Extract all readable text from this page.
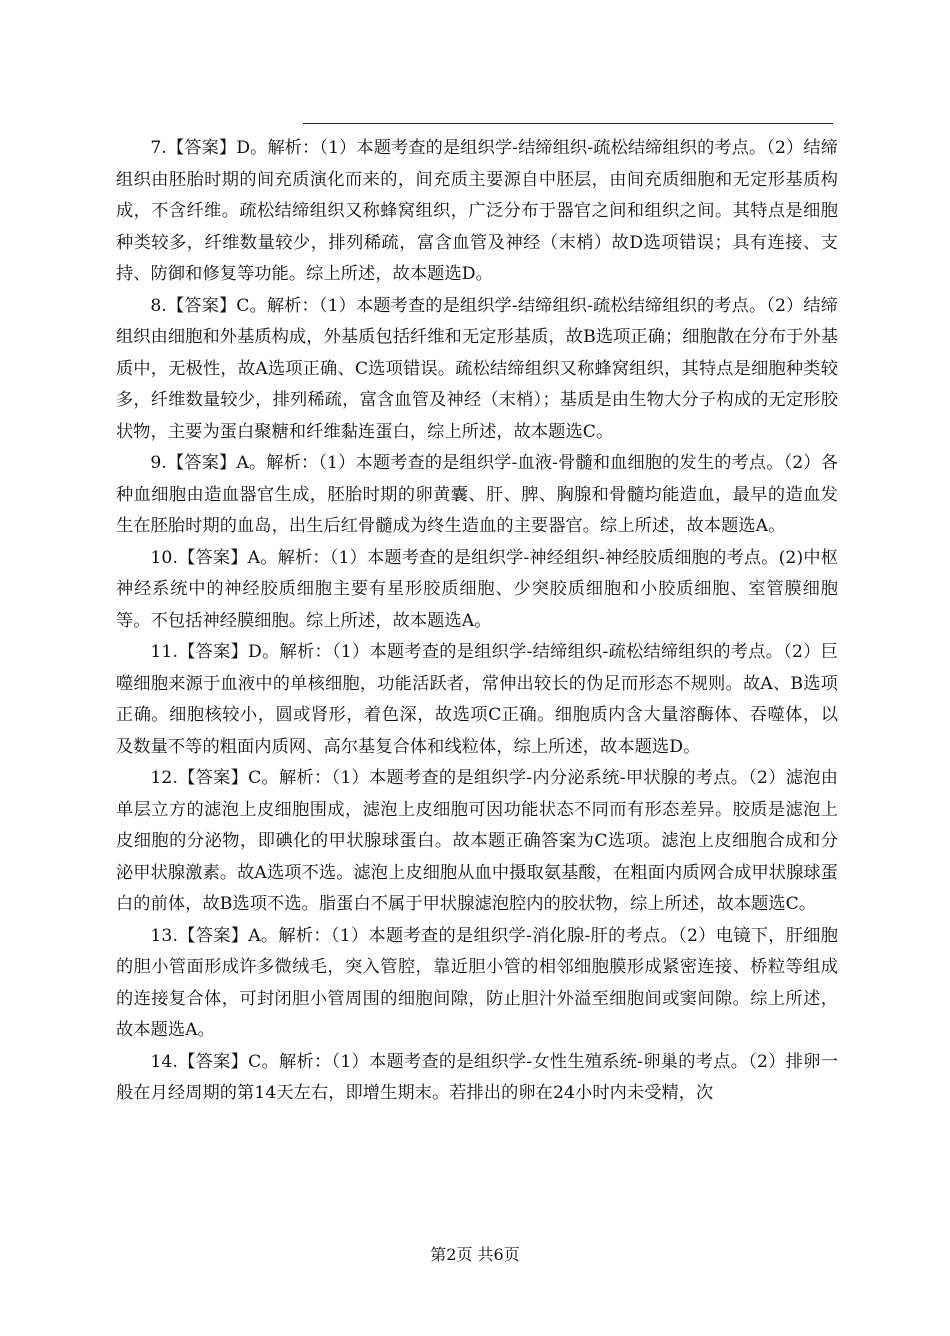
7.【答案】D。解析：（1）本题考查的是组织学-结缔组织-疏松结缔组织的考点。（2）结缔组织由胚胎时期的间充质演化而来的，间充质主要源自中胚层，由间充质细胞和无定形基质构成，不含纤维。疏松结缔组织又称蜂窝组织，广泛分布于器官之间和组织之间。其特点是细胞种类较多，纤维数量较少，排列稀疏，富含血管及神经（末梢）故D选项错误；具有连接、支持、防御和修复等功能。综上所述，故本题选D。

8.【答案】C。解析：（1）本题考查的是组织学-结缔组织-疏松结缔组织的考点。（2）结缔组织由细胞和外基质构成，外基质包括纤维和无定形基质，故B选项正确；细胞散在分布于外基质中，无极性，故A选项正确、C选项错误。疏松结缔组织又称蜂窝组织，其特点是细胞种类较多，纤维数量较少，排列稀疏，富含血管及神经（末梢）；基质是由生物大分子构成的无定形胶状物，主要为蛋白聚糖和纤维黏连蛋白，综上所述，故本题选C。

9.【答案】A。解析：（1）本题考查的是组织学-血液-骨髓和血细胞的发生的考点。（2）各种血细胞由造血器官生成，胚胎时期的卵黄囊、肝、脾、胸腺和骨髓均能造血，最早的造血发生在胚胎时期的血岛，出生后红骨髓成为终生造血的主要器官。综上所述，故本题选A。

10.【答案】A。解析：（1）本题考查的是组织学-神经组织-神经胶质细胞的考点。(2)中枢神经系统中的神经胶质细胞主要有星形胶质细胞、少突胶质细胞和小胶质细胞、室管膜细胞等。不包括神经膜细胞。综上所述，故本题选A。

11.【答案】D。解析：（1）本题考查的是组织学-结缔组织-疏松结缔组织的考点。（2）巨噬细胞来源于血液中的单核细胞，功能活跃者，常伸出较长的伪足而形态不规则。故A、B选项正确。细胞核较小，圆或肾形，着色深，故选项C正确。细胞质内含大量溶酶体、吞噬体，以及数量不等的粗面内质网、高尔基复合体和线粒体，综上所述，故本题选D。

12.【答案】C。解析：（1）本题考查的是组织学-内分泌系统-甲状腺的考点。（2）滤泡由单层立方的滤泡上皮细胞围成，滤泡上皮细胞可因功能状态不同而有形态差异。胶质是滤泡上皮细胞的分泌物，即碘化的甲状腺球蛋白。故本题正确答案为C选项。滤泡上皮细胞合成和分泌甲状腺激素。故A选项不选。滤泡上皮细胞从血中摄取氨基酸，在粗面内质网合成甲状腺球蛋白的前体，故B选项不选。脂蛋白不属于甲状腺滤泡腔内的胶状物，综上所述，故本题选C。

13.【答案】A。解析：（1）本题考查的是组织学-消化腺-肝的考点。（2）电镜下，肝细胞的胆小管面形成许多微绒毛，突入管腔，靠近胆小管的相邻细胞膜形成紧密连接、桥粒等组成的连接复合体，可封闭胆小管周围的细胞间隙，防止胆汁外溢至细胞间或窦间隙。综上所述，故本题选A。

14.【答案】C。解析：（1）本题考查的是组织学-女性生殖系统-卵巢的考点。（2）排卵一般在月经周期的第14天左右，即增生期末。若排出的卵在24小时内未受精，次

第2页 共6页
